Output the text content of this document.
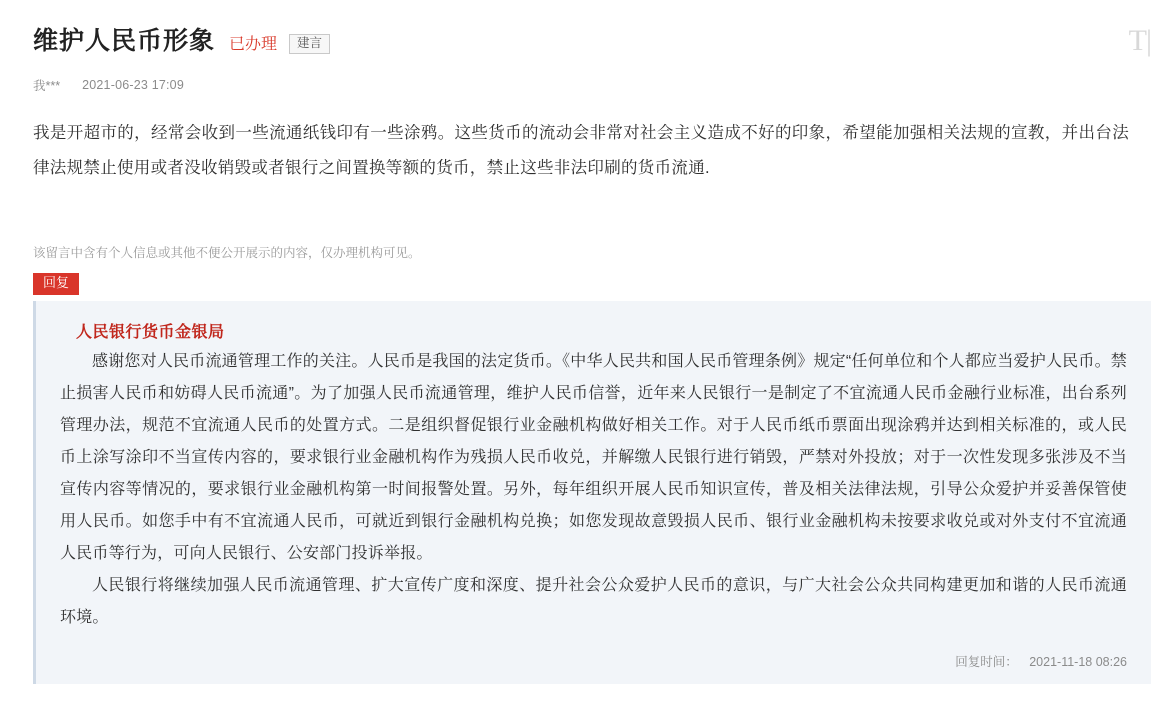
T|
维护人民币形象 已办理	建言
我*** 2021-06-23 17:09
我是开超市的，经常会收到一些流通纸钱印有一些涂鸦。这些货币的流动会非常对社会主义造成不好的印象，希望能加强相关法规的宣教，并出台法律法规禁止使用或者没收销毁或者银行之间置换等额的货币，禁止这些非法印刷的货币流通.
该留言中含有个人信息或其他不便公开展示的内容，仅办理机构可见。
回复
人民银行货币金银局

感谢您对人民币流通管理工作的关注。人民币是我国的法定货币。《中华人民共和国人民币管理条例》规定“任何单位和个人都应当爱护人民币。禁止损害人民币和妨碍人民币流通”。为了加强人民币流通管理，维护人民币信誉，近年来人民银行一是制定了不宜流通人民币金融行业标准，出台系列管理办法，规范不宜流通人民币的处置方式。二是组织督促银行业金融机构做好相关工作。对于人民币纸币票面出现涂鸦并达到相关标准的，或人民币上涂写涂印不当宣传内容的，要求银行业金融机构作为残损人民币收兑，并解缴人民银行进行销毁，严禁对外投放；对于一次性发现多张涉及不当宣传内容等情况的，要求银行业金融机构第一时间报警处置。另外，每年组织开展人民币知识宣传，普及相关法律法规，引导公众爱护并妥善保管使用人民币。如您手中有不宜流通人民币，可就近到银行金融机构兑换；如您发现故意毁损人民币、银行业金融机构未按要求收兑或对外支付不宜流通人民币等行为，可向人民银行、公安部门投诉举报。

人民银行将继续加强人民币流通管理、扩大宣传广度和深度、提升社会公众爱护人民币的意识，与广大社会公众共同构建更加和谐的人民币流通环境。

回复时间： 2021-11-18 08:26
